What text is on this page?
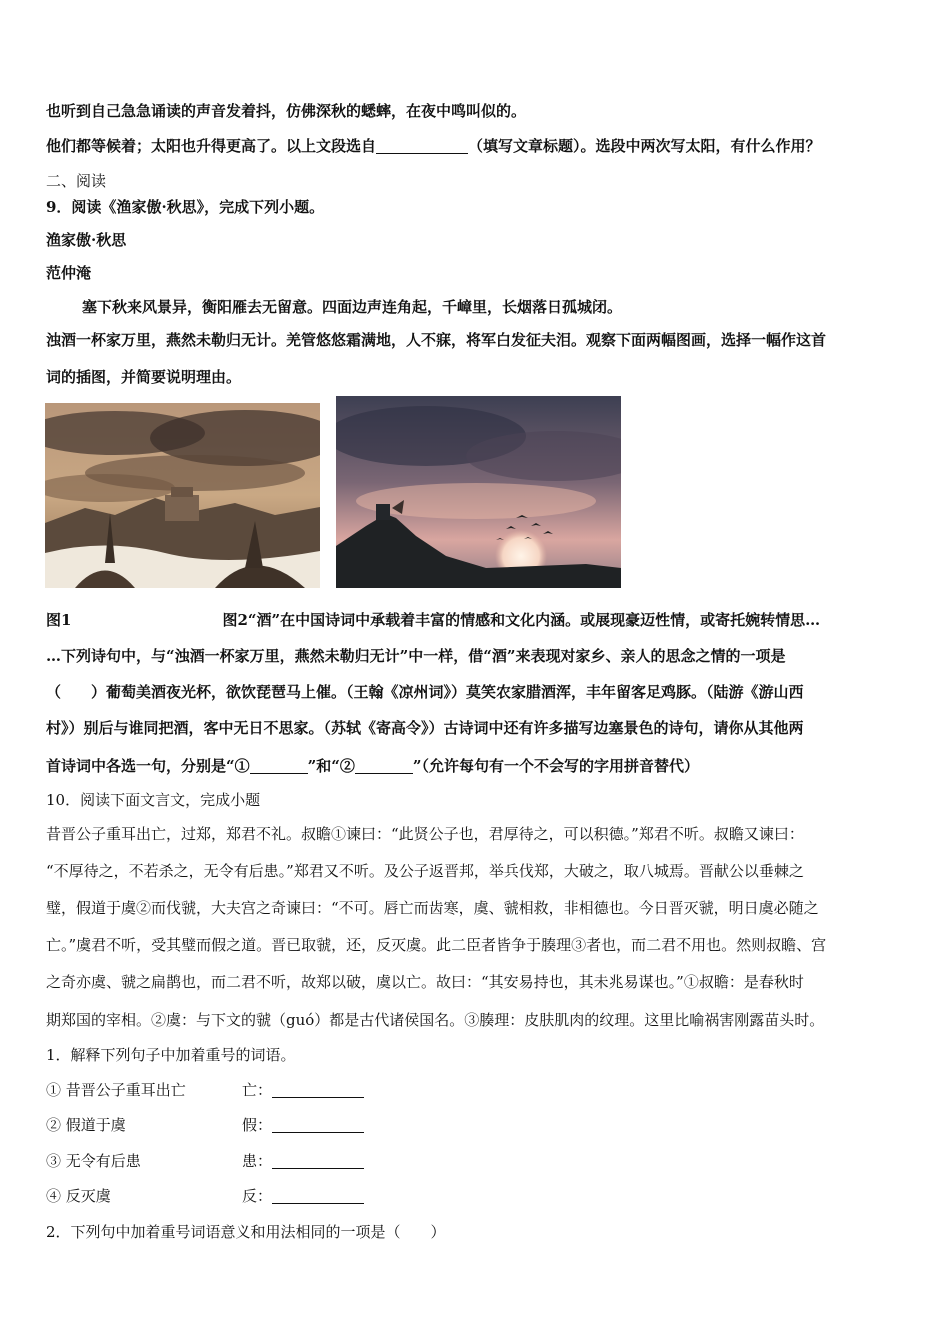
也听到自己急急诵读的声音发着抖，仿佛深秋的蟋蟀，在夜中鸣叫似的。
他们都等候着；太阳也升得更高了。以上文段选自	（填写文章标题）。选段中两次写太阳，有什么作用？
二、阅读
9．阅读《渔家傲·秋思》，完成下列小题。
渔家傲·秋思
范仲淹
塞下秋来风景异，衡阳雁去无留意。四面边声连角起，千嶂里，长烟落日孤城闭。
浊酒一杯家万里，燕然未勒归无计。羌管悠悠霜满地，人不寐，将军白发征夫泪。观察下面两幅图画，选择一幅作这首
词的插图，并简要说明理由。
图1	图2“酒”在中国诗词中承载着丰富的情感和文化内涵。或展现豪迈性情，或寄托婉转情思…
…下列诗句中，与“浊酒一杯家万里，燕然未勒归无计”中一样，借“酒”来表现对家乡、亲人的思念之情的一项是
（　　）葡萄美酒夜光杯，欲饮琵琶马上催。（王翰《凉州词》）莫笑农家腊酒浑，丰年留客足鸡豚。（陆游《游山西
村》）别后与谁同把酒，客中无日不思家。（苏轼《寄高令》）古诗词中还有许多描写边塞景色的诗句，请你从其他两
首诗词中各选一句，分别是“①	”和“②	”（允许每句有一个不会写的字用拼音替代）
10．阅读下面文言文，完成小题
昔晋公子重耳出亡，过郑，郑君不礼。叔瞻①谏曰：“此贤公子也，君厚待之，可以积德。”郑君不听。叔瞻又谏曰：
“不厚待之，不若杀之，无令有后患。”郑君又不听。及公子返晋邦，举兵伐郑，大破之，取八城焉。晋献公以垂棘之
璧，假道于虞②而伐虢，大夫宫之奇谏曰：“不可。唇亡而齿寒，虞、虢相救，非相德也。今日晋灭虢，明日虞必随之
亡。”虞君不听，受其璧而假之道。晋已取虢，还，反灭虞。此二臣者皆争于腠理③者也，而二君不用也。然则叔瞻、宫
之奇亦虞、虢之扁鹊也，而二君不听，故郑以破，虞以亡。故曰：“其安易持也，其未兆易谋也。”①叔瞻：是春秋时
期郑国的宰相。②虞：与下文的虢（guó）都是古代诸侯国名。③腠理：皮肤肌肉的纹理。这里比喻祸害刚露苗头时。
1．解释下列句子中加着重号的词语。
① 昔晋公子重耳出亡	亡：
② 假道于虞	假：
③ 无令有后患	患：
④ 反灭虞	反：
2．下列句中加着重号词语意义和用法相同的一项是（　　）
